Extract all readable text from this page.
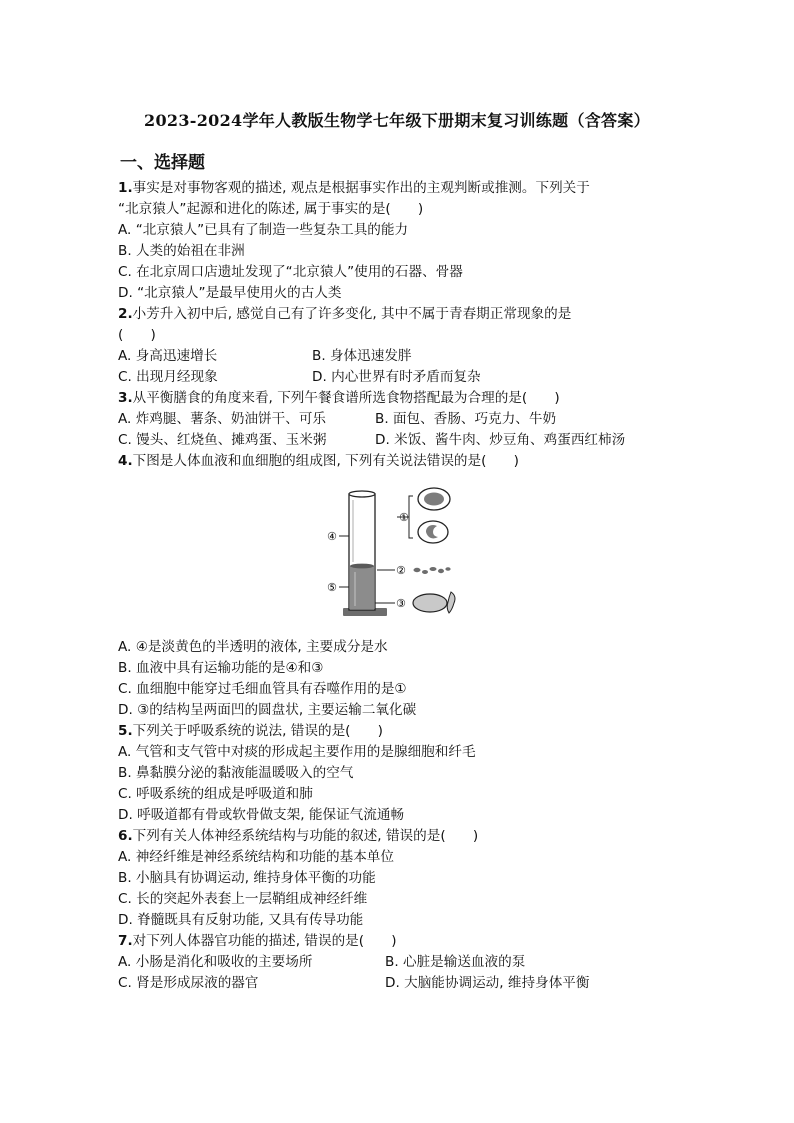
2023-2024学年人教版生物学七年级下册期末复习训练题（含答案）
一、选择题
1.事实是对事物客观的描述, 观点是根据事实作出的主观判断或推测。下列关于
“北京猿人”起源和进化的陈述, 属于事实的是(　　)
A. “北京猿人”已具有了制造一些复杂工具的能力
B. 人类的始祖在非洲
C. 在北京周口店遗址发现了“北京猿人”使用的石器、骨器
D. “北京猿人”是最早使用火的古人类
2.小芳升入初中后, 感觉自己有了许多变化, 其中不属于青春期正常现象的是
(　　)
A. 身高迅速增长	B. 身体迅速发胖
C. 出现月经现象	D. 内心世界有时矛盾而复杂
3.从平衡膳食的角度来看, 下列午餐食谱所选食物搭配最为合理的是(　　)
A. 炸鸡腿、薯条、奶油饼干、可乐	B. 面包、香肠、巧克力、牛奶
C. 馒头、红烧鱼、摊鸡蛋、玉米粥	D. 米饭、酱牛肉、炒豆角、鸡蛋西红柿汤
4.下图是人体血液和血细胞的组成图, 下列有关说法错误的是(　　)
①
②
③
④
⑤
A. ④是淡黄色的半透明的液体, 主要成分是水
B. 血液中具有运输功能的是④和③
C. 血细胞中能穿过毛细血管具有吞噬作用的是①
D. ③的结构呈两面凹的圆盘状, 主要运输二氧化碳
5.下列关于呼吸系统的说法, 错误的是(　　)
A. 气管和支气管中对痰的形成起主要作用的是腺细胞和纤毛
B. 鼻黏膜分泌的黏液能温暖吸入的空气
C. 呼吸系统的组成是呼吸道和肺
D. 呼吸道都有骨或软骨做支架, 能保证气流通畅
6.下列有关人体神经系统结构与功能的叙述, 错误的是(　　)
A. 神经纤维是神经系统结构和功能的基本单位
B. 小脑具有协调运动, 维持身体平衡的功能
C. 长的突起外表套上一层鞘组成神经纤维
D. 脊髓既具有反射功能, 又具有传导功能
7.对下列人体器官功能的描述, 错误的是(　　)
A. 小肠是消化和吸收的主要场所	B. 心脏是输送血液的泵
C. 肾是形成尿液的器官	D. 大脑能协调运动, 维持身体平衡
